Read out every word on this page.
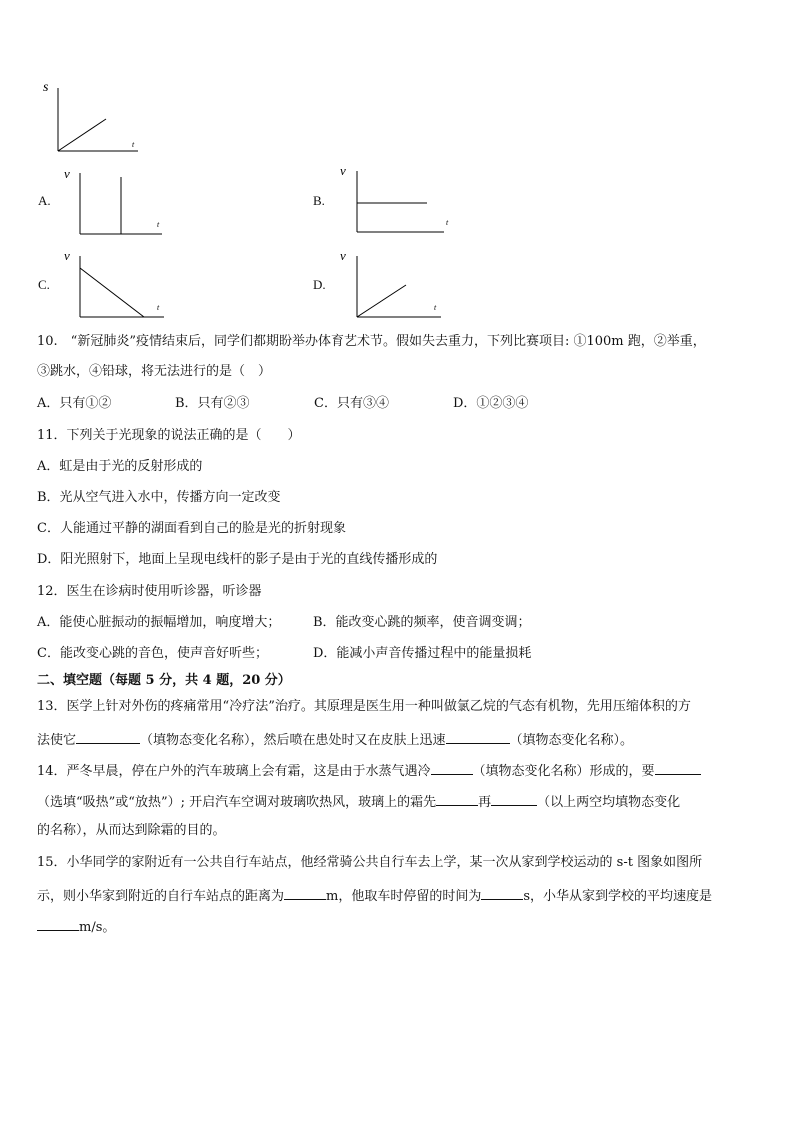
s
t
A.
v
t
B.
v
t
C.
v
t
D.
v
t
10.　“新冠肺炎”疫情结束后，同学们都期盼举办体育艺术节。假如失去重力，下列比赛项目: ①100m 跑，②举重，
③跳水，④铅球，将无法进行的是（　）
A．只有①②	B．只有②③	C．只有③④	D．①②③④
11．下列关于光现象的说法正确的是（　　）
A．虹是由于光的反射形成的
B．光从空气进入水中，传播方向一定改变
C．人能通过平静的湖面看到自己的脸是光的折射现象
D．阳光照射下，地面上呈现电线杆的影子是由于光的直线传播形成的
12．医生在诊病时使用听诊器，听诊器
A．能使心脏振动的振幅增加，响度增大；	B．能改变心跳的频率，使音调变调；
C．能改变心跳的音色，使声音好听些；	D．能减小声音传播过程中的能量损耗
二、填空题（每题 5 分，共 4 题，20 分）
13．医学上针对外伤的疼痛常用“冷疗法”治疗。其原理是医生用一种叫做氯乙烷的气态有机物，先用压缩体积的方
法使它	（填物态变化名称），然后喷在患处时又在皮肤上迅速	（填物态变化名称）。
14．严冬早晨，停在户外的汽车玻璃上会有霜，这是由于水蒸气遇冷	（填物态变化名称）形成的，要
（选填“吸热”或“放热”）; 开启汽车空调对玻璃吹热风，玻璃上的霜先	再	（以上两空均填物态变化
的名称），从而达到除霜的目的。
15．小华同学的家附近有一公共自行车站点，他经常骑公共自行车去上学，某一次从家到学校运动的 s-t 图象如图所
示，则小华家到附近的自行车站点的距离为	m，他取车时停留的时间为	s，小华从家到学校的平均速度是
m/s。
